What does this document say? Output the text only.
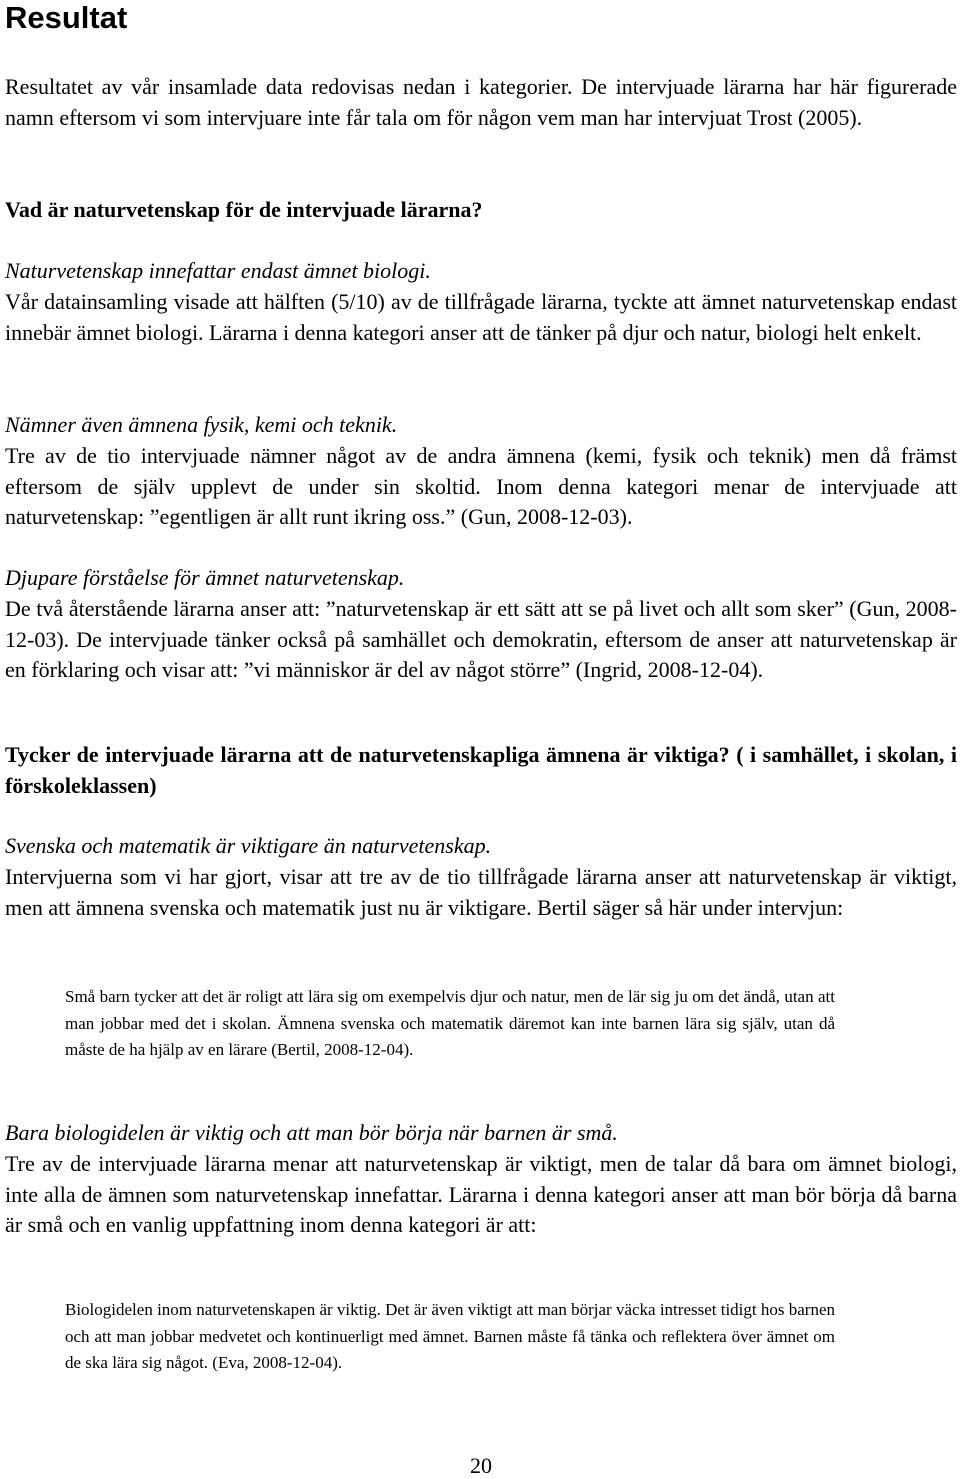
Resultat

Resultatet av vår insamlade data redovisas nedan i kategorier. De intervjuade lärarna har här figurerade namn eftersom vi som intervjuare inte får tala om för någon vem man har intervjuat Trost (2005).

Vad är naturvetenskap för de intervjuade lärarna?

Naturvetenskap innefattar endast ämnet biologi.

Vår datainsamling visade att hälften (5/10) av de tillfrågade lärarna, tyckte att ämnet naturvetenskap endast innebär ämnet biologi. Lärarna i denna kategori anser att de tänker på djur och natur, biologi helt enkelt.

Nämner även ämnena fysik, kemi och teknik.

Tre av de tio intervjuade nämner något av de andra ämnena (kemi, fysik och teknik) men då främst eftersom de själv upplevt de under sin skoltid. Inom denna kategori menar de intervjuade att naturvetenskap: ”egentligen är allt runt ikring oss.” (Gun, 2008-12-03).

Djupare förståelse för ämnet naturvetenskap.

De två återstående lärarna anser att: ”naturvetenskap är ett sätt att se på livet och allt som sker” (Gun, 2008-12-03). De intervjuade tänker också på samhället och demokratin, eftersom de anser att naturvetenskap är en förklaring och visar att: ”vi människor är del av något större” (Ingrid, 2008-12-04).

Tycker de intervjuade lärarna att de naturvetenskapliga ämnena är viktiga? ( i samhället, i skolan, i förskoleklassen)

Svenska och matematik är viktigare än naturvetenskap.

Intervjuerna som vi har gjort, visar att tre av de tio tillfrågade lärarna anser att naturvetenskap är viktigt, men att ämnena svenska och matematik just nu är viktigare. Bertil säger så här under intervjun:

Små barn tycker att det är roligt att lära sig om exempelvis djur och natur, men de lär sig ju om det ändå, utan att man jobbar med det i skolan. Ämnena svenska och matematik däremot kan inte barnen lära sig själv, utan då måste de ha hjälp av en lärare (Bertil, 2008-12-04).

Bara biologidelen är viktig och att man bör börja när barnen är små.

Tre av de intervjuade lärarna menar att naturvetenskap är viktigt, men de talar då bara om ämnet biologi, inte alla de ämnen som naturvetenskap innefattar. Lärarna i denna kategori anser att man bör börja då barna är små och en vanlig uppfattning inom denna kategori är att:

Biologidelen inom naturvetenskapen är viktig. Det är även viktigt att man börjar väcka intresset tidigt hos barnen och att man jobbar medvetet och kontinuerligt med ämnet. Barnen måste få tänka och reflektera över ämnet om de ska lära sig något. (Eva, 2008-12-04).

20
